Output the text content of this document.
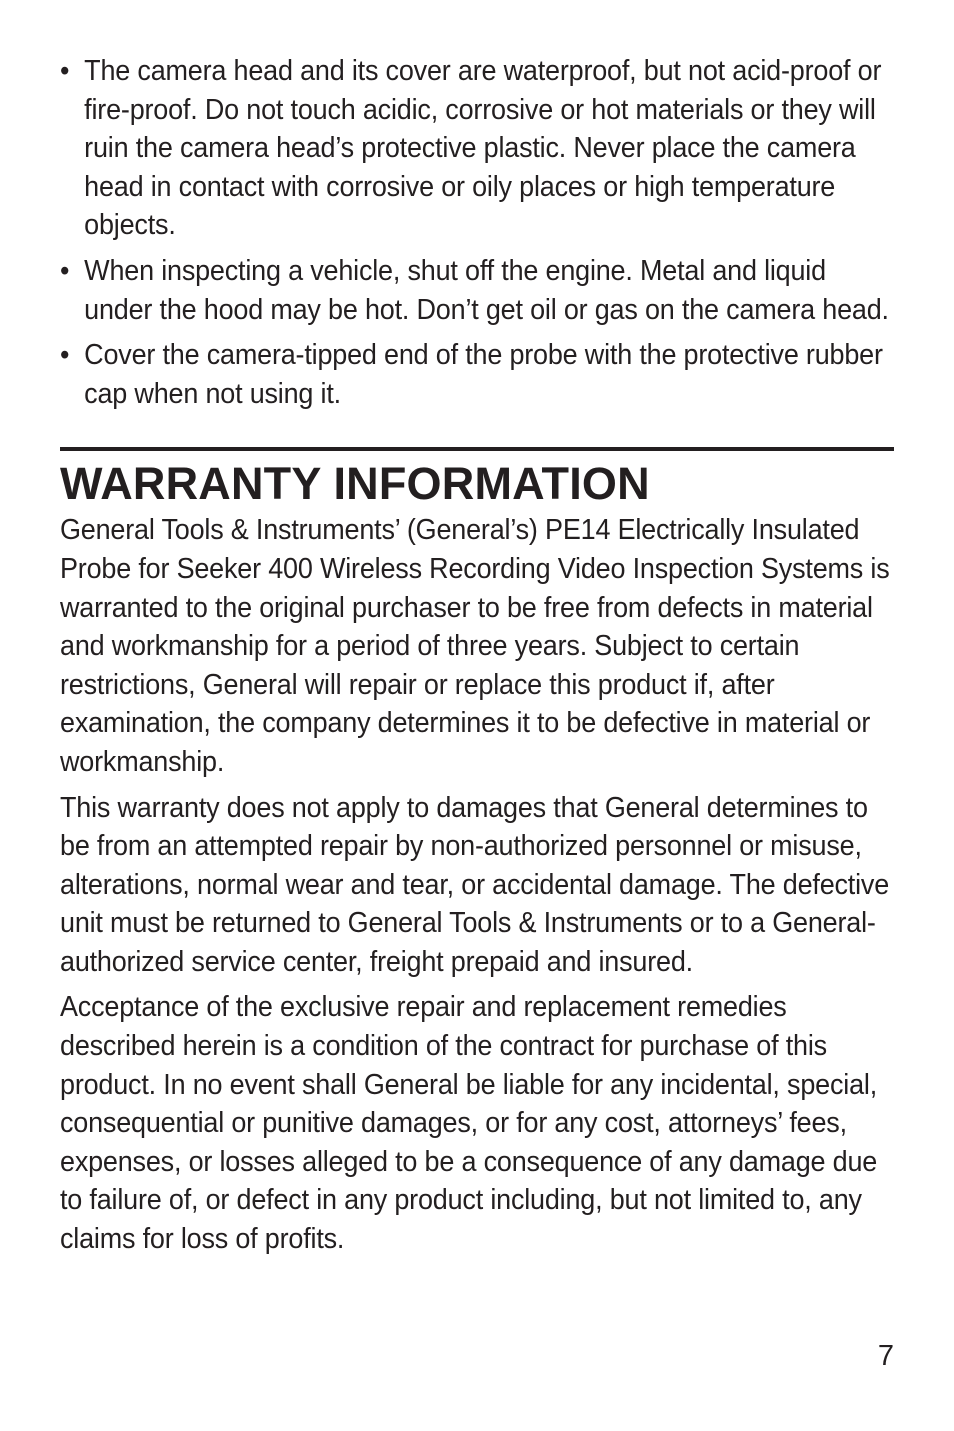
• The camera head and its cover are waterproof, but not acid-proof or fire-proof. Do not touch acidic, corrosive or hot materials or they will ruin the camera head’s protective plastic. Never place the camera head in contact with corrosive or oily places or high temperature objects.
• When inspecting a vehicle, shut off the engine. Metal and liquid under the hood may be hot. Don’t get oil or gas on the camera head.
• Cover the camera-tipped end of the probe with the protective rubber cap when not using it.
WARRANTY INFORMATION

General Tools & Instruments’ (General’s) PE14 Electrically Insulated Probe for Seeker 400 Wireless Recording Video Inspection Systems is warranted to the original purchaser to be free from defects in material and workmanship for a period of three years. Subject to certain restrictions, General will repair or replace this product if, after examination, the company determines it to be defective in material or workmanship.

This warranty does not apply to damages that General determines to be from an attempted repair by non-authorized personnel or misuse, alterations, normal wear and tear, or accidental damage. The defective unit must be returned to General Tools & Instruments or to a General-authorized service center, freight prepaid and insured.

Acceptance of the exclusive repair and replacement remedies described herein is a condition of the contract for purchase of this product. In no event shall General be liable for any incidental, special, consequential or punitive damages, or for any cost, attorneys’ fees, expenses, or losses alleged to be a consequence of any damage due to failure of, or defect in any product including, but not limited to, any claims for loss of profits.

7
